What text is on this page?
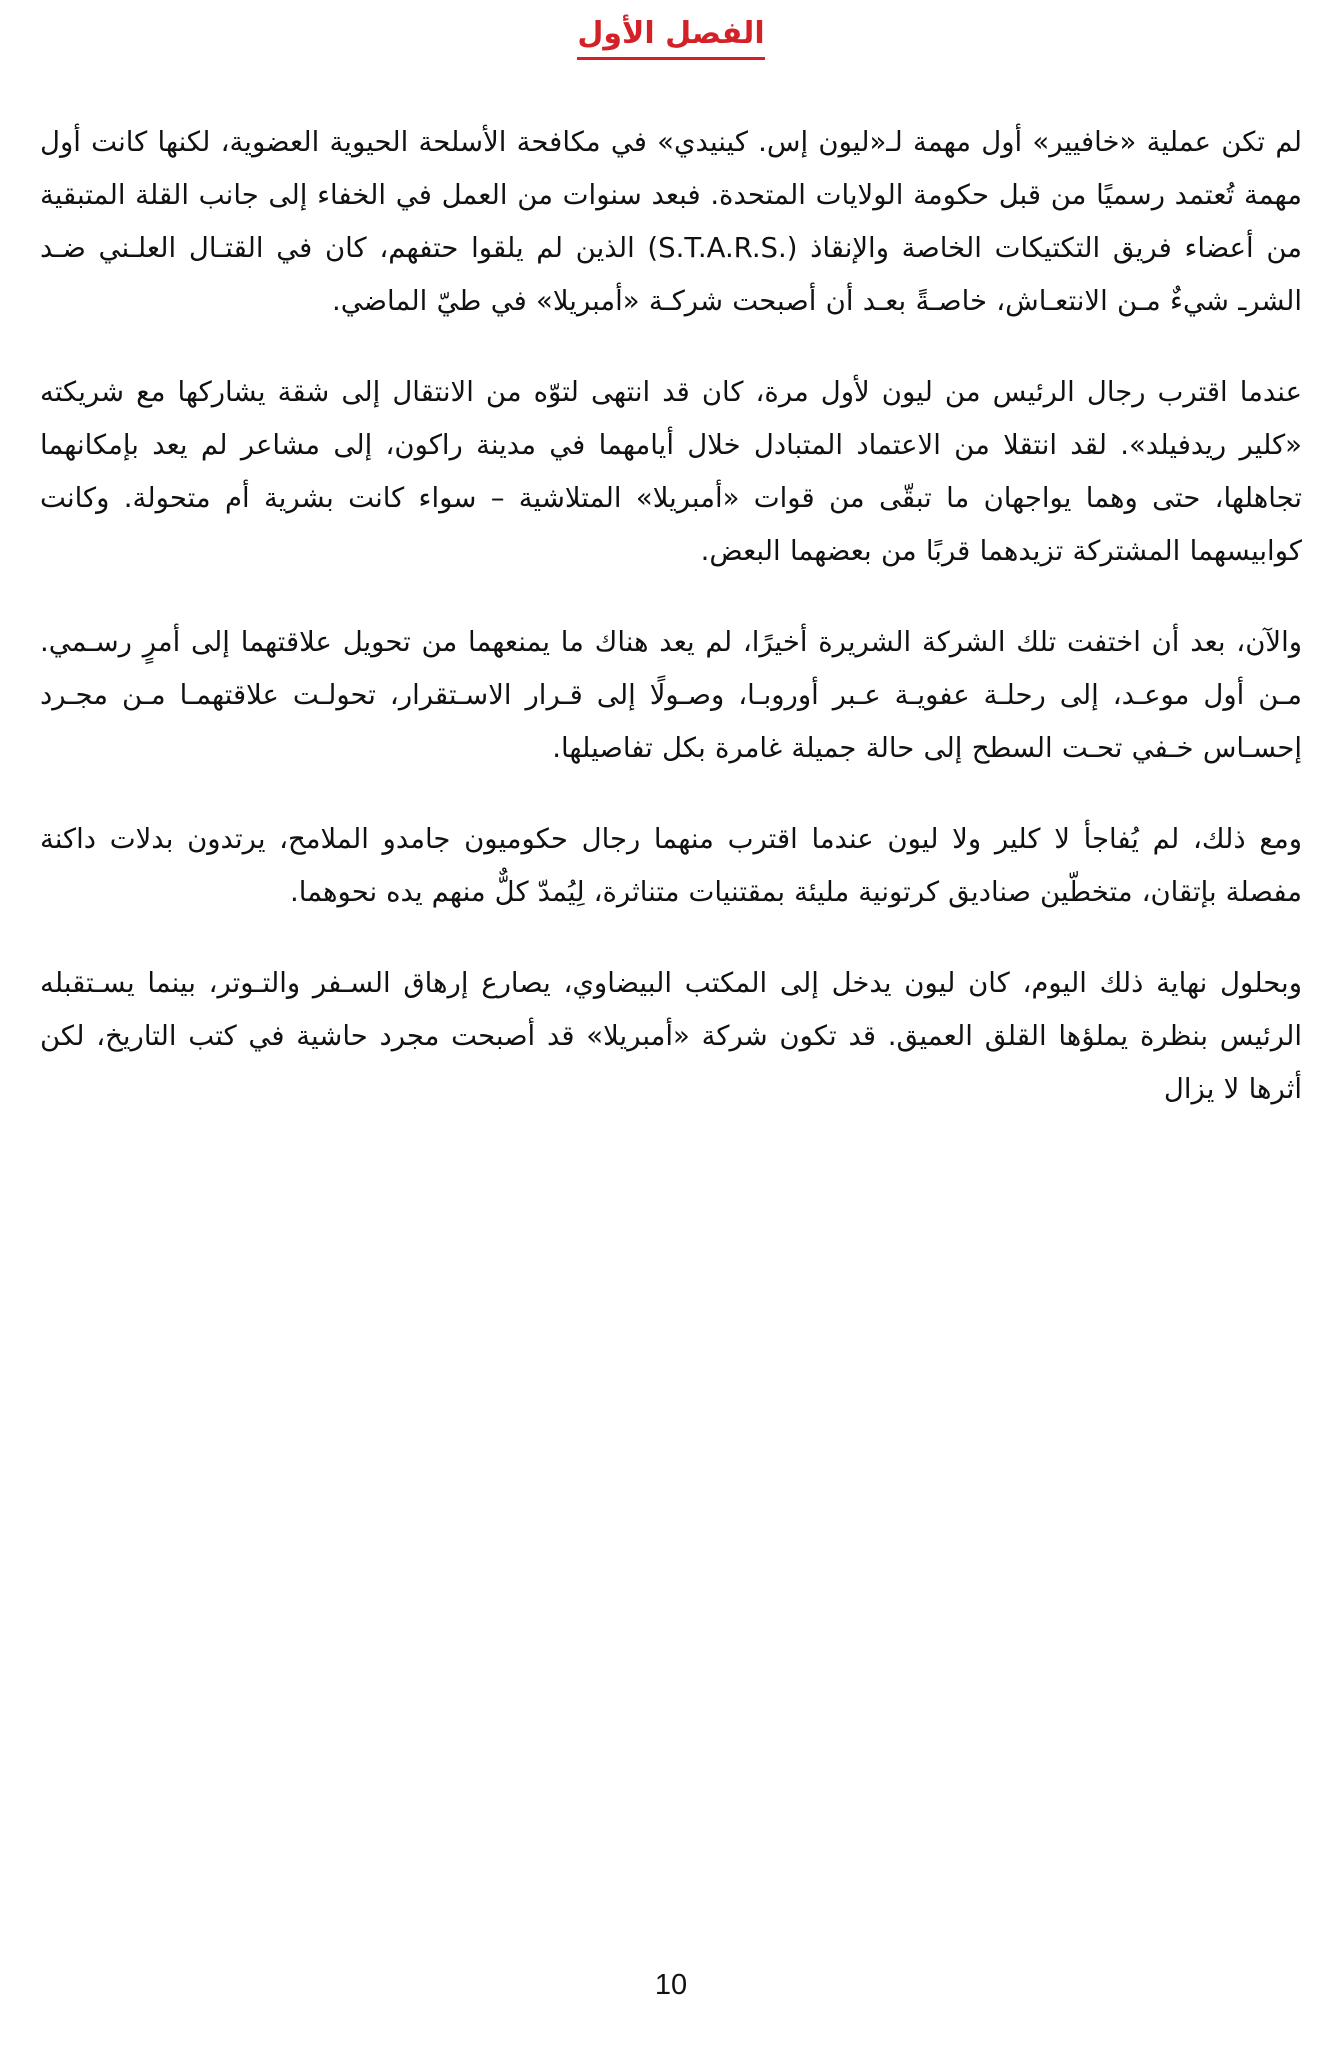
الفصل الأول

لم تكن عملية «خافيير» أول مهمة لـ«ليون إس. كينيدي» في مكافحة الأسلحة الحيوية العضوية، لكنها كانت أول مهمة تُعتمد رسميًا من قبل حكومة الولايات المتحدة. فبعد سنوات من العمل في الخفاء إلى جانب القلة المتبقية من أعضاء فريق التكتيكات الخاصة والإنقاذ (.S.T.A.R.S) الذين لم يلقوا حتفهم، كان في القتـال العلـني ضـد الشرـ شيءٌ مـن الانتعـاش، خاصـةً بعـد أن أصبحت شركـة «أمبريلا» في طيّ الماضي.

عندما اقترب رجال الرئيس من ليون لأول مرة، كان قد انتهى لتوّه من الانتقال إلى شقة يشاركها مع شريكته «كلير ريدفيلد». لقد انتقلا من الاعتماد المتبادل خلال أيامهما في مدينة راكون، إلى مشاعر لم يعد بإمكانهما تجاهلها، حتى وهما يواجهان ما تبقّى من قوات «أمبريلا» المتلاشية – سواء كانت بشرية أم متحولة. وكانت كوابيسهما المشتركة تزيدهما قربًا من بعضهما البعض.

والآن، بعد أن اختفت تلك الشركة الشريرة أخيرًا، لم يعد هناك ما يمنعهما من تحويل علاقتهما إلى أمرٍ رسـمي. مـن أول موعـد، إلى رحلـة عفويـة عـبر أوروبـا، وصـولًا إلى قـرار الاسـتقرار، تحولـت علاقتهمـا مـن مجـرد إحسـاس خـفي تحـت السطح إلى حالة جميلة غامرة بكل تفاصيلها.

ومع ذلك، لم يُفاجأ لا كلير ولا ليون عندما اقترب منهما رجال حكوميون جامدو الملامح، يرتدون بدلات داكنة مفصلة بإتقان، متخطّين صناديق كرتونية مليئة بمقتنيات متناثرة، لِيُمدّ كلٌّ منهم يده نحوهما.

وبحلول نهاية ذلك اليوم، كان ليون يدخل إلى المكتب البيضاوي، يصارع إرهاق السـفر والتـوتر، بينما يسـتقبله الرئيس بنظرة يملؤها القلق العميق. قد تكون شركة «أمبريلا» قد أصبحت مجرد حاشية في كتب التاريخ، لكن أثرها لا يزال

10
